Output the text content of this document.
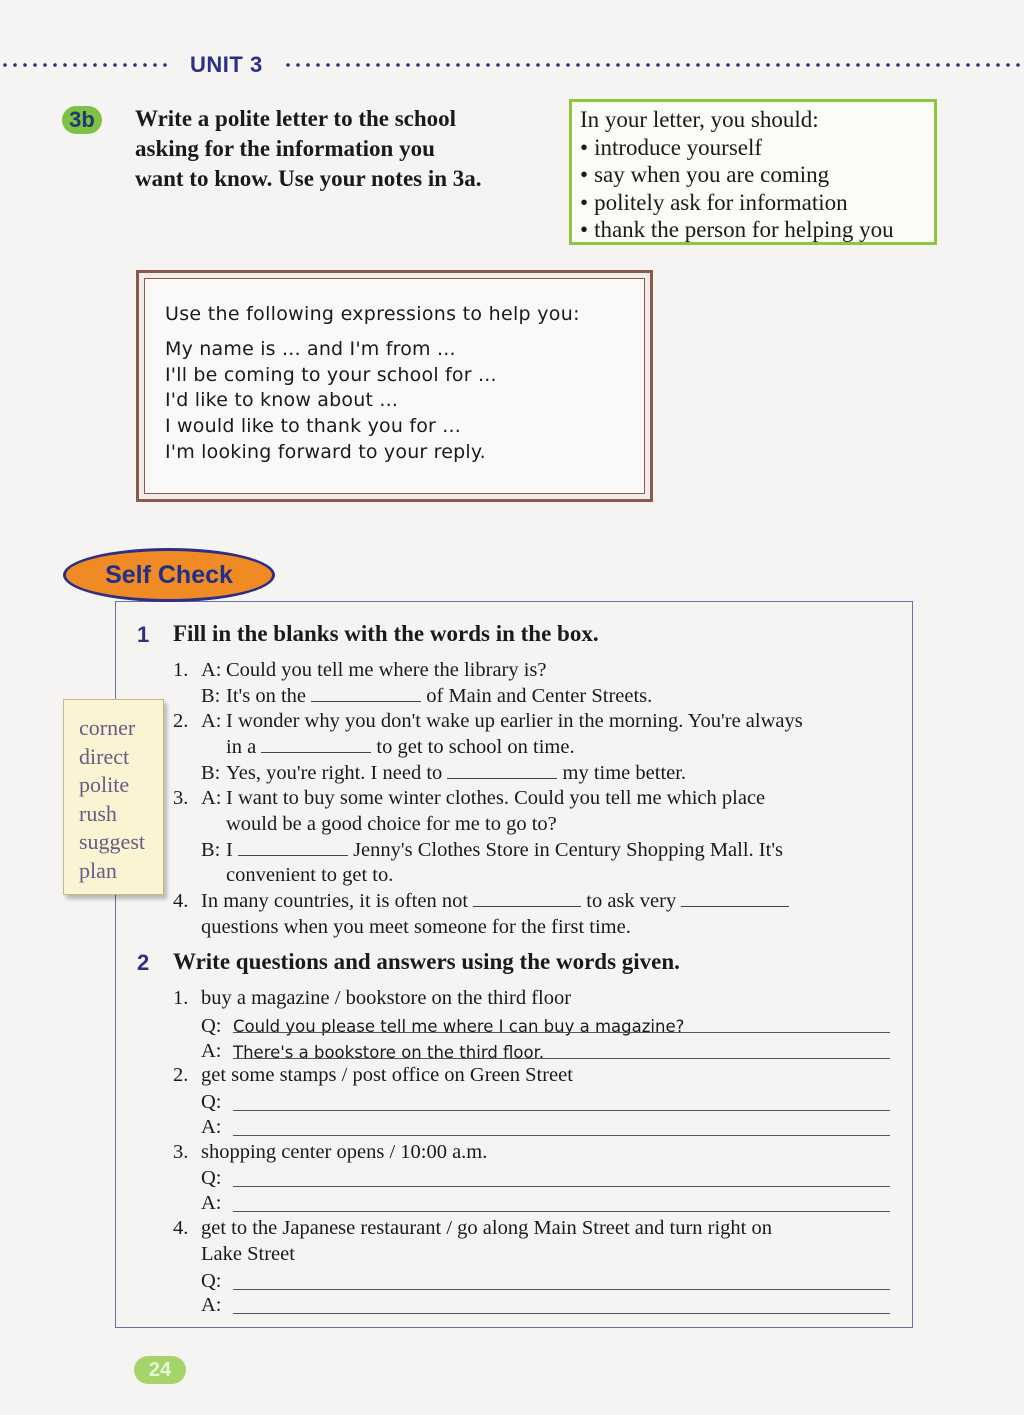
UNIT 3
3b	Write a polite letter to the school
asking for the information you
want to know. Use your notes in 3a.
In your letter, you should:
• introduce yourself
• say when you are coming
• politely ask for information
• thank the person for helping you
Use the following expressions to help you:
My name is ... and I'm from ...
I'll be coming to your school for ...
I'd like to know about ...
I would like to thank you for ...
I'm looking forward to your reply.
Self Check
1 Fill in the blanks with the words in the box.
corner
direct
polite
rush
suggest
plan
1. A: Could you tell me where the library is?
B: It's on the	of Main and Center Streets.
2. A: I wonder why you don't wake up earlier in the morning. You're always
in a	to get to school on time.
B: Yes, you're right. I need to	my time better.
3. A: I want to buy some winter clothes. Could you tell me which place
would be a good choice for me to go to?
B: I	Jenny's Clothes Store in Century Shopping Mall. It's
convenient to get to.
4. In many countries, it is often not	to ask very
questions when you meet someone for the first time.
2 Write questions and answers using the words given.
1. buy a magazine / bookstore on the third floor
Q: Could you please tell me where I can buy a magazine?
A: There's a bookstore on the third floor.
2. get some stamps / post office on Green Street
Q:
A:
3. shopping center opens / 10:00 a.m.
Q:
A:
4. get to the Japanese restaurant / go along Main Street and turn right on
Lake Street
Q:
A:
24
